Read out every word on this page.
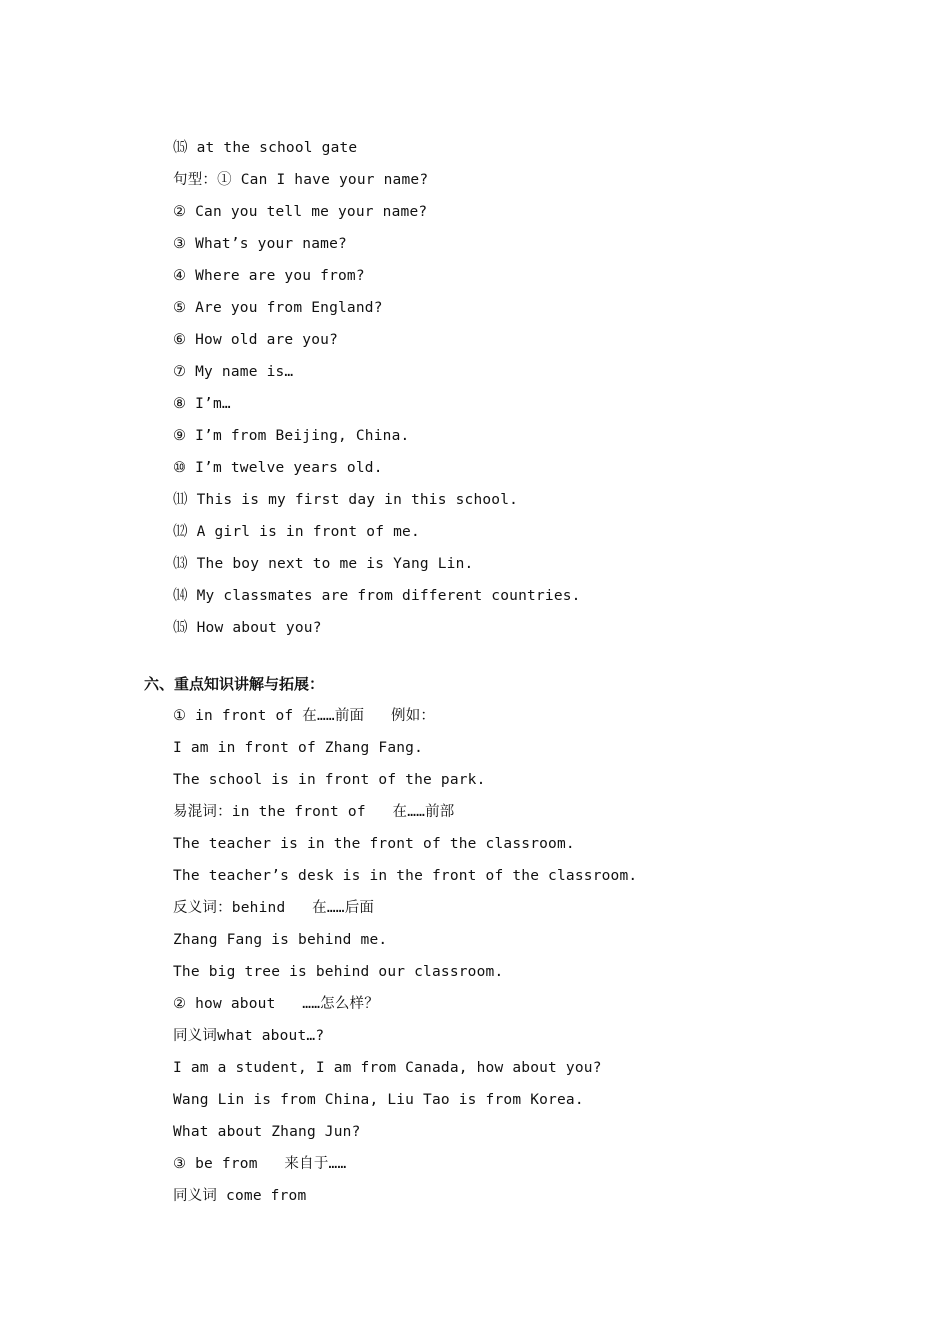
⒂ at the school gate
句型：① Can I have your name?
② Can you tell me your name?
③ What’s your name?
④ Where are you from?
⑤ Are you from England?
⑥ How old are you?
⑦ My name is…
⑧ I’m…
⑨ I’m from Beijing, China.
⑩ I’m twelve years old.
⑾ This is my first day in this school.
⑿ A girl is in front of me.
⒀ The boy next to me is Yang Lin.
⒁ My classmates are from different countries.
⒂ How about you?
六、重点知识讲解与拓展：
① in front of 在……前面   例如：
I am in front of Zhang Fang.
The school is in front of the park.
易混词：in the front of   在……前部
The teacher is in the front of the classroom.
The teacher’s desk is in the front of the classroom.
反义词：behind   在……后面
Zhang Fang is behind me.
The big tree is behind our classroom.
② how about   ……怎么样？
同义词what about…?
I am a student, I am from Canada, how about you?
Wang Lin is from China, Liu Tao is from Korea.
What about Zhang Jun?
③ be from   来自于……
同义词 come from
